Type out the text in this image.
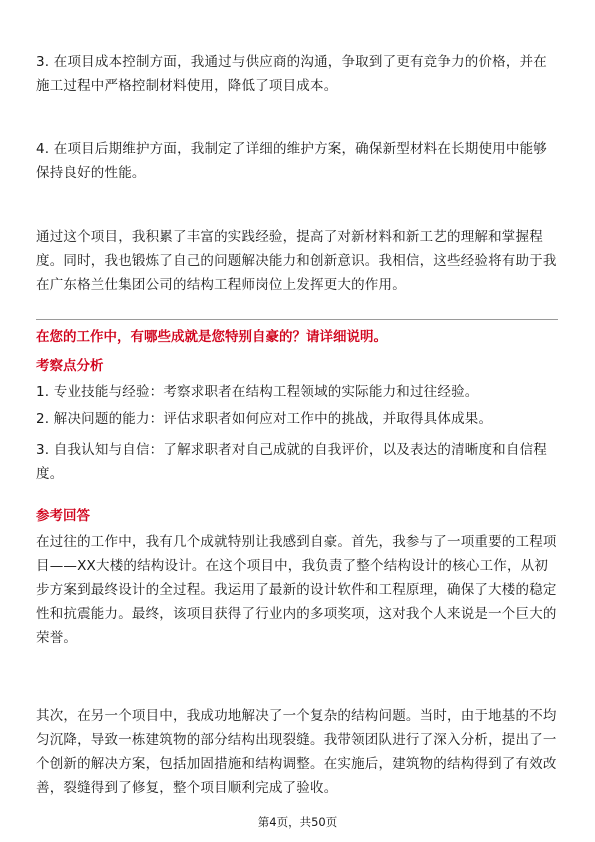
3. 在项目成本控制方面，我通过与供应商的沟通，争取到了更有竞争力的价格，并在施工过程中严格控制材料使用，降低了项目成本。

4. 在项目后期维护方面，我制定了详细的维护方案，确保新型材料在长期使用中能够保持良好的性能。

通过这个项目，我积累了丰富的实践经验，提高了对新材料和新工艺的理解和掌握程度。同时，我也锻炼了自己的问题解决能力和创新意识。我相信，这些经验将有助于我在广东格兰仕集团公司的结构工程师岗位上发挥更大的作用。

在您的工作中，有哪些成就是您特别自豪的？请详细说明。

考察点分析

1. 专业技能与经验：考察求职者在结构工程领域的实际能力和过往经验。

2. 解决问题的能力：评估求职者如何应对工作中的挑战，并取得具体成果。

3. 自我认知与自信：了解求职者对自己成就的自我评价，以及表达的清晰度和自信程度。

参考回答

在过往的工作中，我有几个成就特别让我感到自豪。首先，我参与了一项重要的工程项目——XX大楼的结构设计。在这个项目中，我负责了整个结构设计的核心工作，从初步方案到最终设计的全过程。我运用了最新的设计软件和工程原理，确保了大楼的稳定性和抗震能力。最终，该项目获得了行业内的多项奖项，这对我个人来说是一个巨大的荣誉。

其次，在另一个项目中，我成功地解决了一个复杂的结构问题。当时，由于地基的不均匀沉降，导致一栋建筑物的部分结构出现裂缝。我带领团队进行了深入分析，提出了一个创新的解决方案，包括加固措施和结构调整。在实施后，建筑物的结构得到了有效改善，裂缝得到了修复，整个项目顺利完成了验收。

第4页，共50页
